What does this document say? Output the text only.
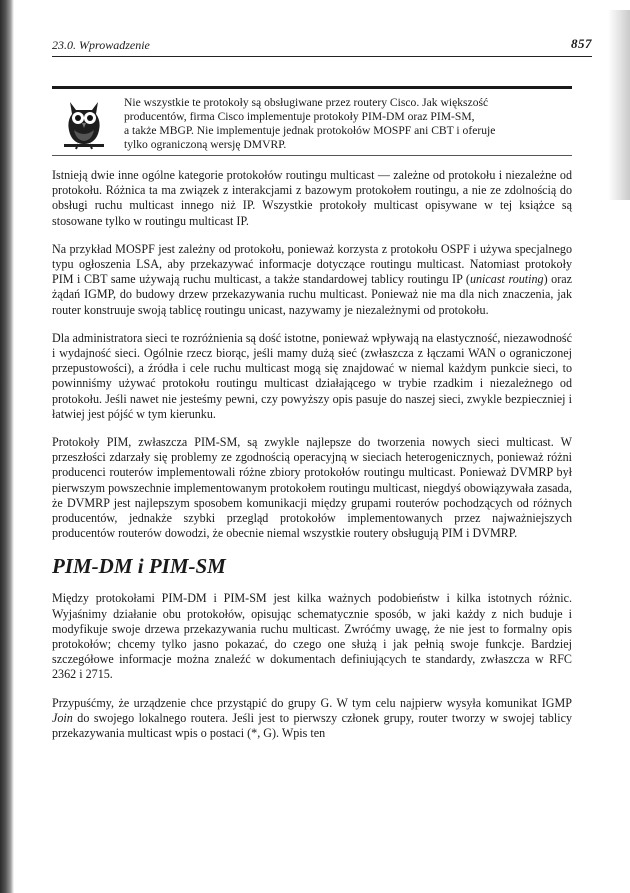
23.0. Wprowadzenie	857
Nie wszystkie te protokoły są obsługiwane przez routery Cisco. Jak większość
producentów, firma Cisco implementuje protokoły PIM-DM oraz PIM-SM,
a także MBGP. Nie implementuje jednak protokołów MOSPF ani CBT i oferuje
tylko ograniczoną wersję DMVRP.

Istnieją dwie inne ogólne kategorie protokołów routingu multicast — zależne od protokołu i niezależne od protokołu. Różnica ta ma związek z interakcjami z bazowym protokołem routingu, a nie ze zdolnością do obsługi ruchu multicast innego niż IP. Wszystkie protokoły multicast opisywane w tej książce są stosowane tylko w routingu multicast IP.

Na przykład MOSPF jest zależny od protokołu, ponieważ korzysta z protokołu OSPF i używa specjalnego typu ogłoszenia LSA, aby przekazywać informacje dotyczące routingu multicast. Natomiast protokoły PIM i CBT same używają ruchu multicast, a także standardowej tablicy routingu IP (unicast routing) oraz żądań IGMP, do budowy drzew przekazywania ruchu multicast. Ponieważ nie ma dla nich znaczenia, jak router konstruuje swoją tablicę routingu unicast, nazywamy je niezależnymi od protokołu.

Dla administratora sieci te rozróżnienia są dość istotne, ponieważ wpływają na elastyczność, niezawodność i wydajność sieci. Ogólnie rzecz biorąc, jeśli mamy dużą sieć (zwłaszcza z łączami WAN o ograniczonej przepustowości), a źródła i cele ruchu multicast mogą się znajdować w niemal każdym punkcie sieci, to powinniśmy używać protokołu routingu multicast działającego w trybie rzadkim i niezależnego od protokołu. Jeśli nawet nie jesteśmy pewni, czy powyższy opis pasuje do naszej sieci, zwykle bezpieczniej i łatwiej jest pójść w tym kierunku.

Protokoły PIM, zwłaszcza PIM-SM, są zwykle najlepsze do tworzenia nowych sieci multicast. W przeszłości zdarzały się problemy ze zgodnością operacyjną w sieciach heterogenicznych, ponieważ różni producenci routerów implementowali różne zbiory protokołów routingu multicast. Ponieważ DVMRP był pierwszym powszechnie implementowanym protokołem routingu multicast, niegdyś obowiązywała zasada, że DVMRP jest najlepszym sposobem komunikacji między grupami routerów pochodzących od różnych producentów, jednakże szybki przegląd protokołów implementowanych przez najważniejszych producentów routerów dowodzi, że obecnie niemal wszystkie routery obsługują PIM i DVMRP.

PIM-DM i PIM-SM

Między protokołami PIM-DM i PIM-SM jest kilka ważnych podobieństw i kilka istotnych różnic. Wyjaśnimy działanie obu protokołów, opisując schematycznie sposób, w jaki każdy z nich buduje i modyfikuje swoje drzewa przekazywania ruchu multicast. Zwróćmy uwagę, że nie jest to formalny opis protokołów; chcemy tylko jasno pokazać, do czego one służą i jak pełnią swoje funkcje. Bardziej szczegółowe informacje można znaleźć w dokumentach definiujących te standardy, zwłaszcza w RFC 2362 i 2715.

Przypuśćmy, że urządzenie chce przystąpić do grupy G. W tym celu najpierw wysyła komunikat IGMP Join do swojego lokalnego routera. Jeśli jest to pierwszy członek grupy, router tworzy w swojej tablicy przekazywania multicast wpis o postaci (*, G). Wpis ten
